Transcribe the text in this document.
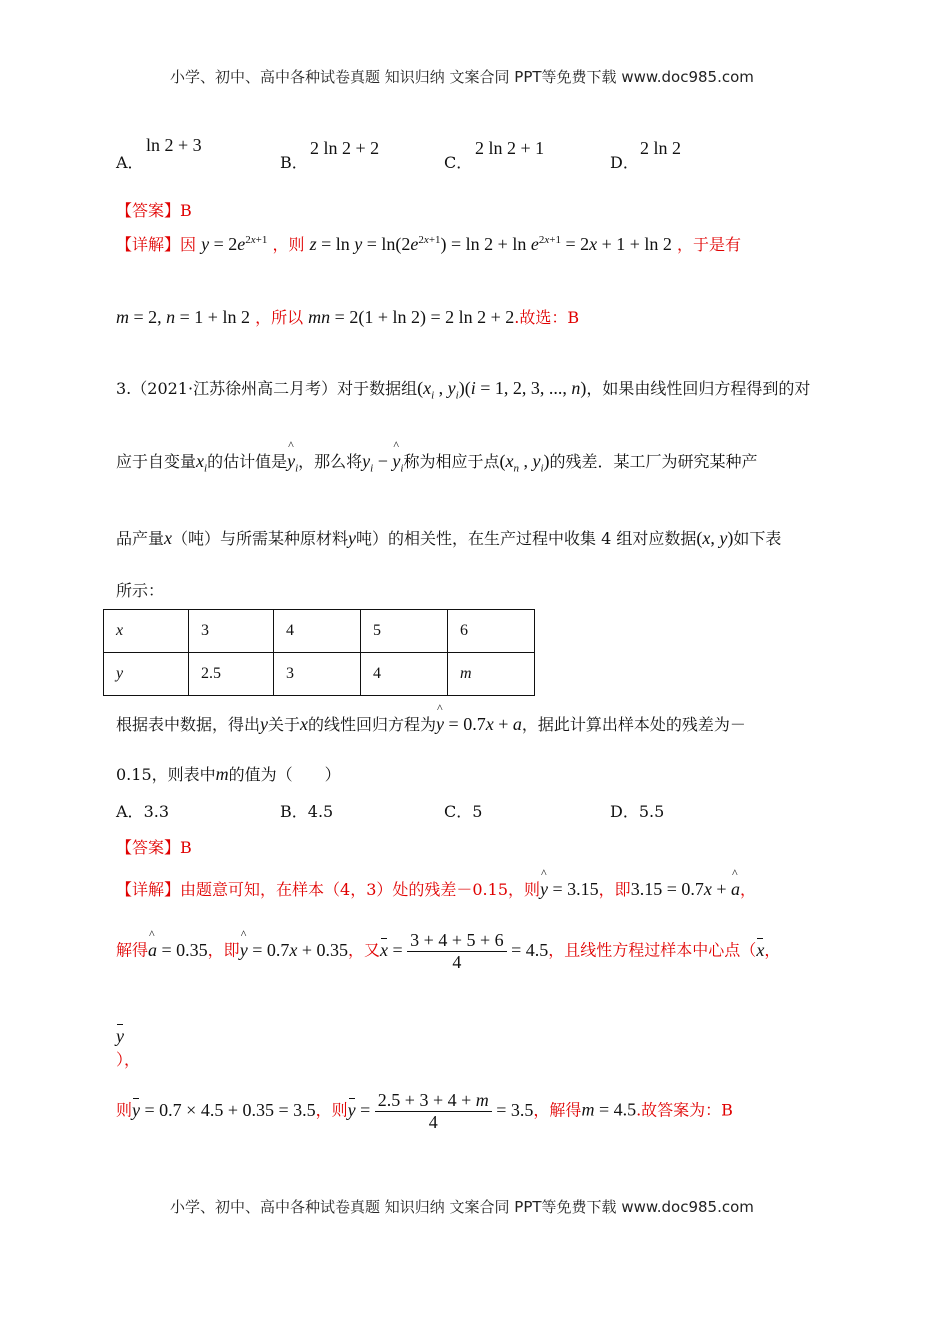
小学、初中、高中各种试卷真题 知识归纳 文案合同 PPT等免费下载 www.doc985.com
A．
ln 2 + 3
B．
2 ln 2 + 2
C．
2 ln 2 + 1
D．
2 ln 2
【答案】B
【详解】因 $y = 2e^{2x+1}$ ，则 $z = \ln y = \ln(2e^{2x+1}) = \ln 2 + \ln e^{2x+1} = 2x + 1 + \ln 2$ ，于是有
m = 2, n = 1 + ln 2 ，所以 mn = 2(1 + ln 2) = 2 ln 2 + 2.故选：B
3.（2021·江苏徐州高二月考）对于数据组($x_i$ , $y_i)(i = 1$, 2, 3, ..., n)，如果由线性回归方程得到的对
应于自变量$x_i$的估计值是^ $y_i$，那么将$y_i$ − ^ $y_i$称为相应于点($x_n$ , $y_i$)的残差．某工厂为研究某种产
品产量x（吨）与所需某种原材料y吨）的相关性，在生产过程中收集 4 组对应数据(x, y)如下表
所示：
x	3	4	5	6
y	2.5	3	4	m
根据表中数据，得出y关于x的线性回归方程为^ y = 0.7x + a，据此计算出样本处的残差为－
0.15，则表中m的值为（　　）
A．3.3	B．4.5	C．5	D．5.5
【答案】B
【详解】由题意可知，在样本（4，3）处的残差－0.15，则^ y = 3.15，即3.15 = 0.7x + ^ a，
解得^ a = 0.35，即^ y = 0.7x + 0.35，又$x = \frac{3 + 4 + 5 + 6}{4} = 4.5$，且线性方程过样本中心点（x，
y
），
则y = 0.7 × 4.5 + 0.35 = 3.5，则$y = \frac{2.5 + 3 + 4 + m}{4} = 3.5$，解得m = 4.5.故答案为：B
小学、初中、高中各种试卷真题 知识归纳 文案合同 PPT等免费下载 www.doc985.com
